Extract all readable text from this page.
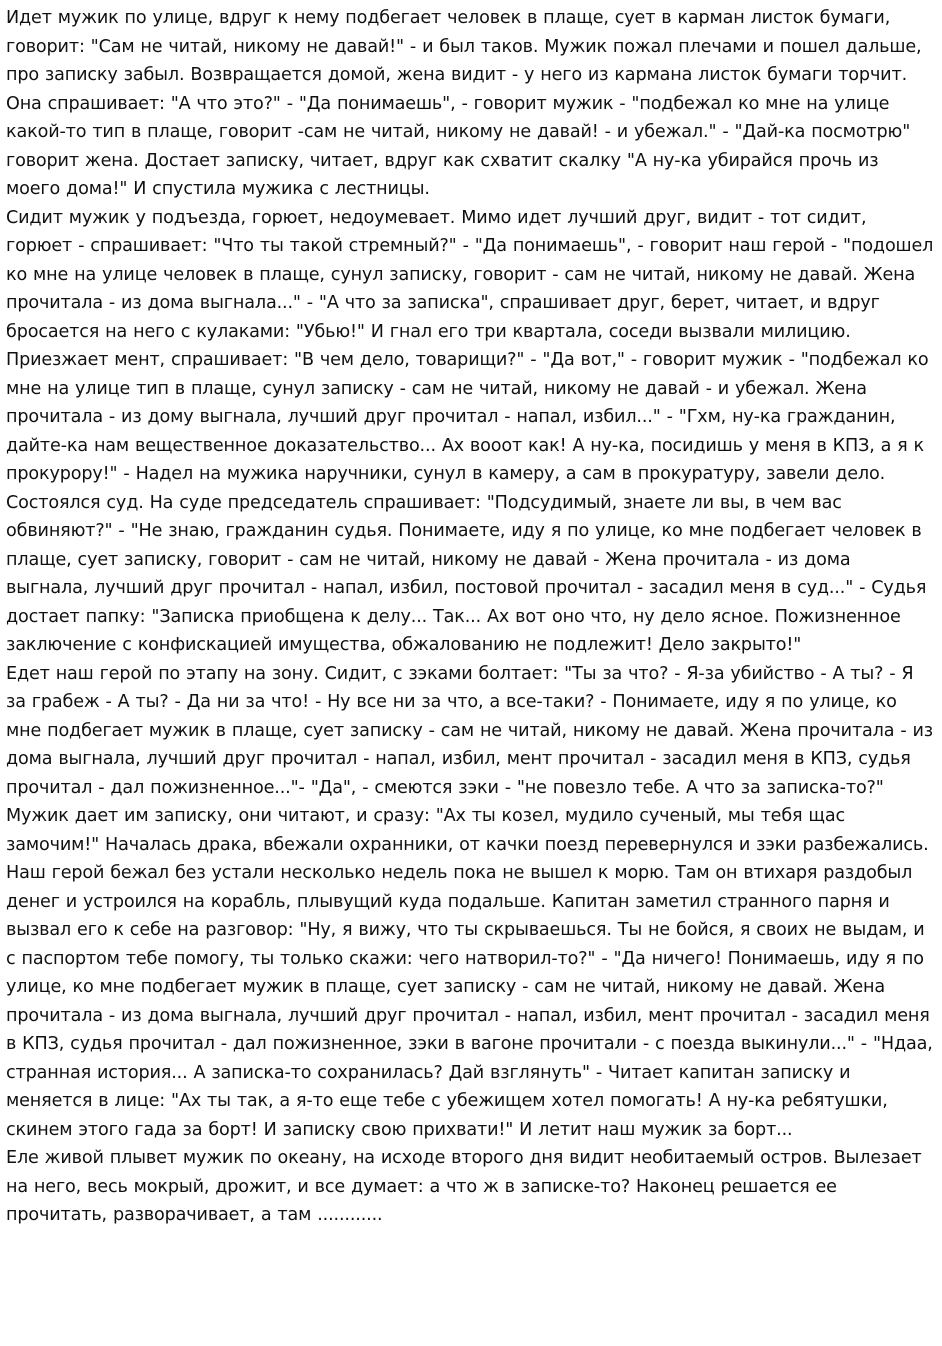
Идет мужик по улице, вдруг к нему подбегает человек в плаще, сует в карман листок бумаги, говорит: "Сам не читай, никому не давай!" - и был таков. Мужик пожал плечами и пошел дальше, про записку забыл. Возвращается домой, жена видит - у него из кармана листок бумаги торчит. Она спрашивает: "А что это?" - "Да понимаешь", - говорит мужик - "подбежал ко мне на улице какой-то тип в плаще, говорит -сам не читай, никому не давай! - и убежал." - "Дай-ка посмотрю" говорит жена. Достает записку, читает, вдруг как схватит скалку "А ну-ка убирайся прочь из моего дома!" И спустила мужика с лестницы.

Сидит мужик у подъезда, горюет, недоумевает. Мимо идет лучший друг, видит - тот сидит, горюет - спрашивает: "Что ты такой стремный?" - "Да понимаешь", - говорит наш герой - "подошел ко мне на улице человек в плаще, сунул записку, говорит - сам не читай, никому не давай. Жена прочитала - из дома выгнала..." - "А что за записка", спрашивает друг, берет, читает, и вдруг бросается на него с кулаками: "Убью!" И гнал его три квартала, соседи вызвали милицию. Приезжает мент, спрашивает: "В чем дело, товарищи?" - "Да вот," - говорит мужик - "подбежал ко мне на улице тип в плаще, сунул записку - сам не читай, никому не давай - и убежал. Жена прочитала - из дому выгнала, лучший друг прочитал - напал, избил..." - "Гхм, ну-ка гражданин, дайте-ка нам вещественное доказательство... Ах вооот как! А ну-ка, посидишь у меня в КПЗ, а я к прокурору!" - Надел на мужика наручники, сунул в камеру, а сам в прокуратуру, завели дело.

Состоялся суд. На суде председатель спрашивает: "Подсудимый, знаете ли вы, в чем вас обвиняют?" - "Не знаю, гражданин судья. Понимаете, иду я по улице, ко мне подбегает человек в плаще, сует записку, говорит - сам не читай, никому не давай - Жена прочитала - из дома выгнала, лучший друг прочитал - напал, избил, постовой прочитал - засадил меня в суд..." - Судья достает папку: "Записка приобщена к делу... Так... Ах вот оно что, ну дело ясное. Пожизненное заключение с конфискацией имущества, обжалованию не подлежит! Дело закрыто!"

Едет наш герой по этапу на зону. Сидит, с зэками болтает: "Ты за что? - Я-за убийство - А ты? - Я за грабеж - А ты? - Да ни за что! - Ну все ни за что, а все-таки? - Понимаете, иду я по улице, ко мне подбегает мужик в плаще, сует записку - сам не читай, никому не давай. Жена прочитала - из дома выгнала, лучший друг прочитал - напал, избил, мент прочитал - засадил меня в КПЗ, судья прочитал - дал пожизненное..."- "Да", - смеются зэки - "не повезло тебе. А что за записка-то?" Мужик дает им записку, они читают, и сразу: "Ах ты козел, мудило сученый, мы тебя щас замочим!" Началась драка, вбежали охранники, от качки поезд перевернулся и зэки разбежались.

Наш герой бежал без устали несколько недель пока не вышел к морю. Там он втихаря раздобыл денег и устроился на корабль, плывущий куда подальше. Капитан заметил странного парня и вызвал его к себе на разговор: "Ну, я вижу, что ты скрываешься. Ты не бойся, я своих не выдам, и с паспортом тебе помогу, ты только скажи: чего натворил-то?" - "Да ничего! Понимаешь, иду я по улице, ко мне подбегает мужик в плаще, сует записку - сам не читай, никому не давай. Жена прочитала - из дома выгнала, лучший друг прочитал - напал, избил, мент прочитал - засадил меня в КПЗ, судья прочитал - дал пожизненное, зэки в вагоне прочитали - с поезда выкинули..." - "Ндаа, странная история... А записка-то сохранилась? Дай взглянуть" - Читает капитан записку и меняется в лице: "Ах ты так, а я-то еще тебе с убежищем хотел помогать! А ну-ка ребятушки, скинем этого гада за борт! И записку свою прихвати!" И летит наш мужик за борт...

Еле живой плывет мужик по океану, на исходе второго дня видит необитаемый остров. Вылезает на него, весь мокрый, дрожит, и все думает: а что ж в записке-то? Наконец решается ее прочитать, разворачивает, а там ............
